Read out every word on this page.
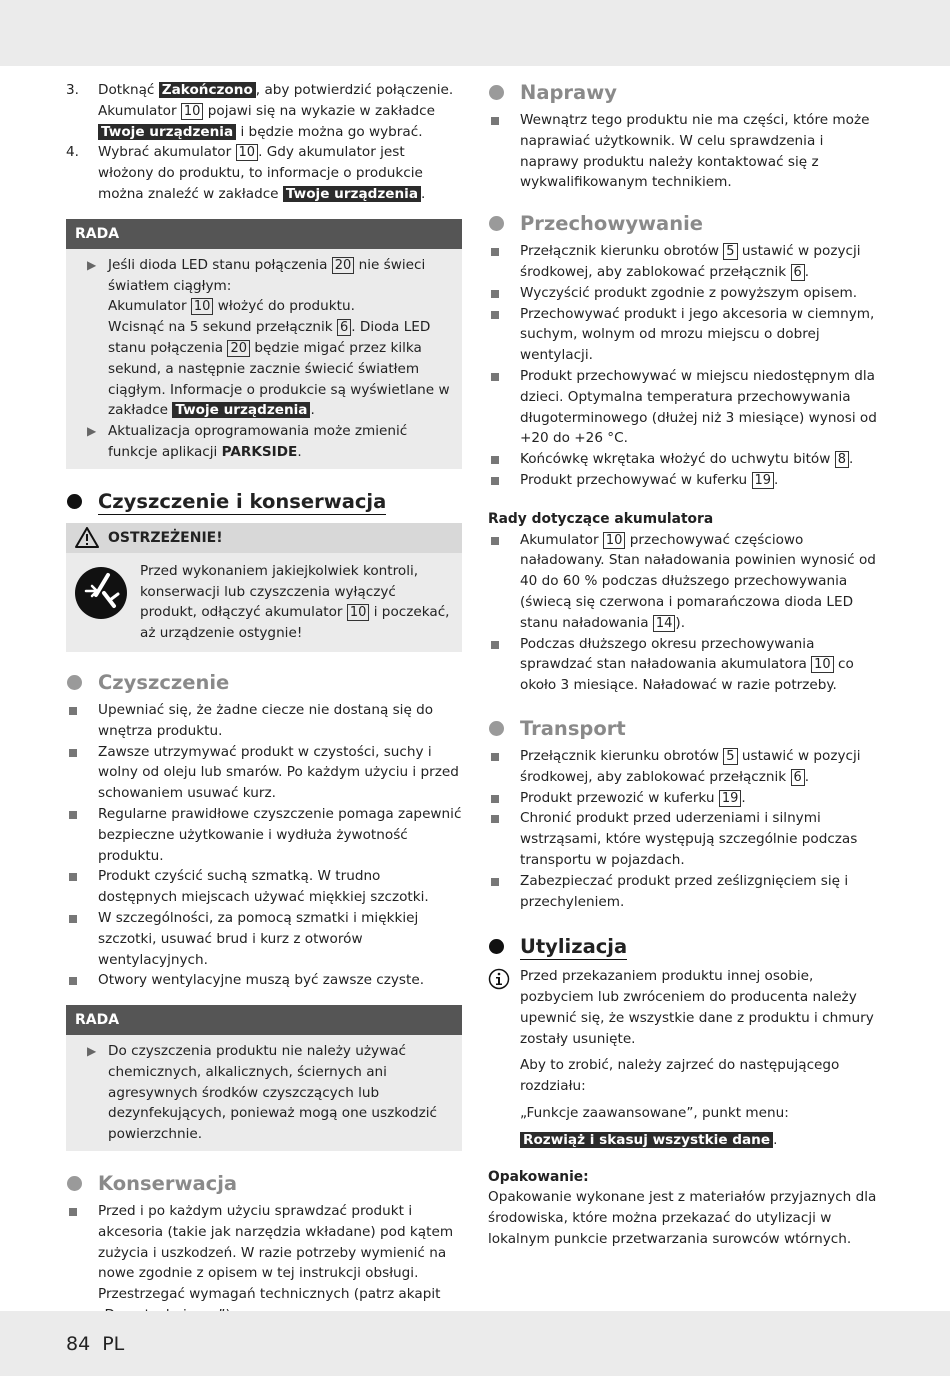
3. Dotknąć Zakończono , aby potwierdzić połączenie. Akumulator 10 pojawi się na wykazie w zakładce Twoje urządzenia i będzie można go wybrać.
4. Wybrać akumulator 10 . Gdy akumulator jest włożony do produktu, to informacje o produkcie można znaleźć w zakładce Twoje urządzenia .
RADA
▶ Jeśli dioda LED stanu połączenia 20 nie świeci światłem ciągłym:
Akumulator 10 włożyć do produktu.
Wcisnąć na 5 sekund przełącznik 6 . Dioda LED stanu połączenia 20 będzie migać przez kilka sekund, a następnie zacznie świecić światłem ciągłym. Informacje o produkcie są wyświetlane w zakładce Twoje urządzenia .
▶ Aktualizacja oprogramowania może zmienić funkcje aplikacji PARKSIDE.
Czyszczenie i konserwacja
OSTRZEŻENIE!
Przed wykonaniem jakiejkolwiek kontroli, konserwacji lub czyszczenia wyłączyć produkt, odłączyć akumulator 10 i poczekać, aż urządzenie ostygnie!
Czyszczenie
Upewniać się, że żadne ciecze nie dostaną się do wnętrza produktu.
Zawsze utrzymywać produkt w czystości, suchy i wolny od oleju lub smarów. Po każdym użyciu i przed schowaniem usuwać kurz.
Regularne prawidłowe czyszczenie pomaga zapewnić bezpieczne użytkowanie i wydłuża żywotność produktu.
Produkt czyścić suchą szmatką. W trudno dostępnych miejscach używać miękkiej szczotki.
W szczególności, za pomocą szmatki i miękkiej szczotki, usuwać brud i kurz z otworów wentylacyjnych.
Otwory wentylacyjne muszą być zawsze czyste.
RADA
▶ Do czyszczenia produktu nie należy używać chemicznych, alkalicznych, ściernych ani agresywnych środków czyszczących lub dezynfekujących, ponieważ mogą one uszkodzić powierzchnie.
Konserwacja
Przed i po każdym użyciu sprawdzać produkt i akcesoria (takie jak narzędzia wkładane) pod kątem zużycia i uszkodzeń. W razie potrzeby wymienić na nowe zgodnie z opisem w tej instrukcji obsługi. Przestrzegać wymagań technicznych (patrz akapit
Naprawy
Wewnątrz tego produktu nie ma części, które może naprawiać użytkownik. W celu sprawdzenia i naprawy produktu należy kontaktować się z wykwalifikowanym technikiem.
Przechowywanie
Przełącznik kierunku obrotów 5 ustawić w pozycji środkowej, aby zablokować przełącznik 6 .
Wyczyścić produkt zgodnie z powyższym opisem.
Przechowywać produkt i jego akcesoria w ciemnym, suchym, wolnym od mrozu miejscu o dobrej wentylacji.
Produkt przechowywać w miejscu niedostępnym dla dzieci. Optymalna temperatura przechowywania długoterminowego (dłużej niż 3 miesiące) wynosi od +20 do +26 °C.
Końcówkę wkrętaka włożyć do uchwytu bitów 8 .
Produkt przechowywać w kuferku 19 .
Rady dotyczące akumulatora
Akumulator 10 przechowywać częściowo naładowany. Stan naładowania powinien wynosić od 40 do 60 % podczas dłuższego przechowywania (świecą się czerwona i pomarańczowa dioda LED stanu naładowania 14 ).
Podczas dłuższego okresu przechowywania sprawdzać stan naładowania akumulatora 10 co około 3 miesiące. Naładować w razie potrzeby.
Transport
Przełącznik kierunku obrotów 5 ustawić w pozycji środkowej, aby zablokować przełącznik 6 .
Produkt przewozić w kuferku 19 .
Chronić produkt przed uderzeniami i silnymi wstrząsami, które występują szczególnie podczas transportu w pojazdach.
Zabezpieczać produkt przed ześlizgnięciem się i przechyleniem.
Utylizacja
Przed przekazaniem produktu innej osobie, pozbyciem lub zwróceniem do producenta należy upewnić się, że wszystkie dane z produktu i chmury zostały usunięte.
Aby to zrobić, należy zajrzeć do następującego rozdziału:
„Funkcje zaawansowane”, punkt menu:
Rozwiąż i skasuj wszystkie dane .
Opakowanie:
Opakowanie wykonane jest z materiałów przyjaznych dla środowiska, które można przekazać do utylizacji w lokalnym punkcie przetwarzania surowców wtórnych.
84 PL
